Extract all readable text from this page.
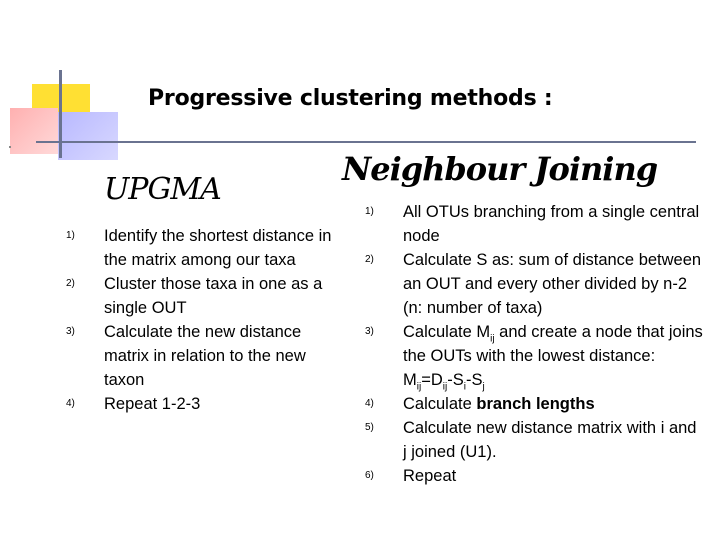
Progressive clustering methods :
UPGMA
Neighbour Joining
1) Identify the shortest distance in the matrix among our taxa
2) Cluster those taxa in one as a single OUT
3) Calculate the new distance matrix in relation to the new taxon
4) Repeat 1-2-3
1) All OTUs branching from a single central node
2) Calculate S as: sum of distance between an OUT and every other divided by n-2 (n: number of taxa)
3) Calculate $M_{ij}$ and create a node that joins the OUTs with the lowest distance: $M_{ij}=D_{ij}-S_i-S_j$
4) Calculate branch lengths
5) Calculate new distance matrix with i and j joined (U1).
6) Repeat
